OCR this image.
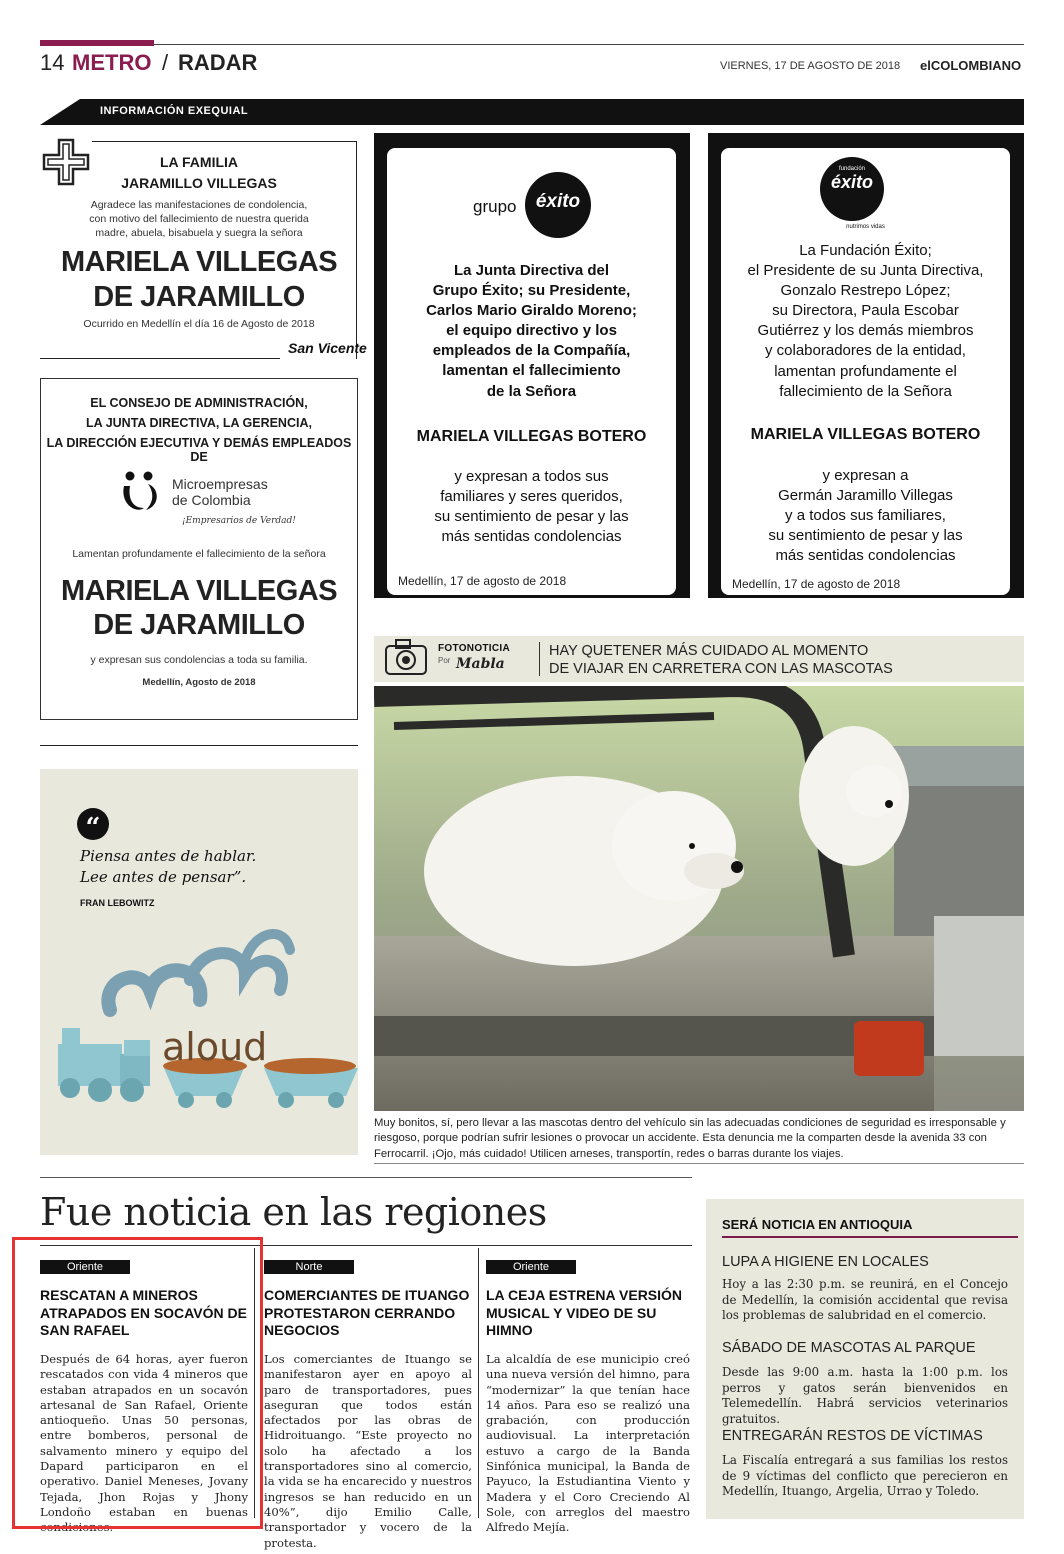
14 METRO / RADAR	VIERNES, 17 DE AGOSTO DE 2018 elCOLOMBIANO
INFORMACIÓN EXEQUIAL
LA FAMILIA
JARAMILLO VILLEGAS
Agradece las manifestaciones de condolencia,
con motivo del fallecimiento de nuestra querida
madre, abuela, bisabuela y suegra la señora
MARIELA VILLEGAS
DE JARAMILLO
Ocurrido en Medellín el día 16 de Agosto de 2018
San Vicente
EL CONSEJO DE ADMINISTRACIÓN,
LA JUNTA DIRECTIVA, LA GERENCIA,
LA DIRECCIÓN EJECUTIVA Y DEMÁS EMPLEADOS DE
Microempresas
de Colombia
¡Empresarios de Verdad!
Lamentan profundamente el fallecimiento de la señora
MARIELA VILLEGAS
DE JARAMILLO
y expresan sus condolencias a toda su familia.
Medellín, Agosto de 2018
grupo	éxito
La Junta Directiva del
Grupo Éxito; su Presidente,
Carlos Mario Giraldo Moreno;
el equipo directivo y los
empleados de la Compañía,
lamentan el fallecimiento
de la Señora
MARIELA VILLEGAS BOTERO
y expresan a todos sus
familiares y seres queridos,
su sentimiento de pesar y las
más sentidas condolencias
Medellín, 17 de agosto de 2018
fundación
éxito
nutrimos vidas
La Fundación Éxito;
el Presidente de su Junta Directiva,
Gonzalo Restrepo López;
su Directora, Paula Escobar
Gutiérrez y los demás miembros
y colaboradores de la entidad,
lamentan profundamente el
fallecimiento de la Señora
MARIELA VILLEGAS BOTERO
y expresan a
Germán Jaramillo Villegas
y a todos sus familiares,
su sentimiento de pesar y las
más sentidas condolencias
Medellín, 17 de agosto de 2018
“
Piensa antes de hablar.
Lee antes de pensar”.
FRAN LEBOWITZ
aloud
FOTONOTICIA
Por Mabla
HAY QUETENER MÁS CUIDADO AL MOMENTO
DE VIAJAR EN CARRETERA CON LAS MASCOTAS
Muy bonitos, sí, pero llevar a las mascotas dentro del vehículo sin las adecuadas condiciones de seguridad es irresponsable y riesgoso, porque podrían sufrir lesiones o provocar un accidente. Esta denuncia me la comparten desde la avenida 33 con Ferrocarril. ¡Ojo, más cuidado! Utilicen arneses, transportín, redes o barras durante los viajes.
Fue noticia en las regiones
Oriente
RESCATAN A MINEROS ATRAPADOS EN SOCAVÓN DE SAN RAFAEL
Después de 64 horas, ayer fueron rescatados con vida 4 mineros que estaban atrapados en un socavón artesanal de San Rafael, Oriente antioqueño. Unas 50 personas, entre bomberos, personal de salvamento minero y equipo del Dapard participaron en el operativo. Daniel Meneses, Jovany Tejada, Jhon Rojas y Jhony Londoño estaban en buenas condiciones.
Norte
COMERCIANTES DE ITUANGO PROTESTARON CERRANDO NEGOCIOS
Los comerciantes de Ituango se manifestaron ayer en apoyo al paro de transportadores, pues aseguran que todos están afectados por las obras de Hidroituango. “Este proyecto no solo ha afectado a los transportadores sino al comercio, la vida se ha encarecido y nuestros ingresos se han reducido en un 40%”, dijo Emilio Calle, transportador y vocero de la protesta.
Oriente
LA CEJA ESTRENA VERSIÓN MUSICAL Y VIDEO DE SU HIMNO
La alcaldía de ese municipio creó una nueva versión del himno, para “modernizar” la que tenían hace 14 años. Para eso se realizó una grabación, con producción audiovisual. La interpretación estuvo a cargo de la Banda Sinfónica municipal, la Banda de Payuco, la Estudiantina Viento y Madera y el Coro Creciendo Al Sole, con arreglos del maestro Alfredo Mejía.
SERÁ NOTICIA EN ANTIOQUIA
LUPA A HIGIENE EN LOCALES
Hoy a las 2:30 p.m. se reunirá, en el Concejo de Medellín, la comisión accidental que revisa los problemas de salubridad en el comercio.
SÁBADO DE MASCOTAS AL PARQUE
Desde las 9:00 a.m. hasta la 1:00 p.m. los perros y gatos serán bienvenidos en Telemedellín. Habrá servicios veterinarios gratuitos.
ENTREGARÁN RESTOS DE VÍCTIMAS
La Fiscalía entregará a sus familias los restos de 9 víctimas del conflicto que perecieron en Medellín, Ituango, Argelia, Urrao y Toledo.
